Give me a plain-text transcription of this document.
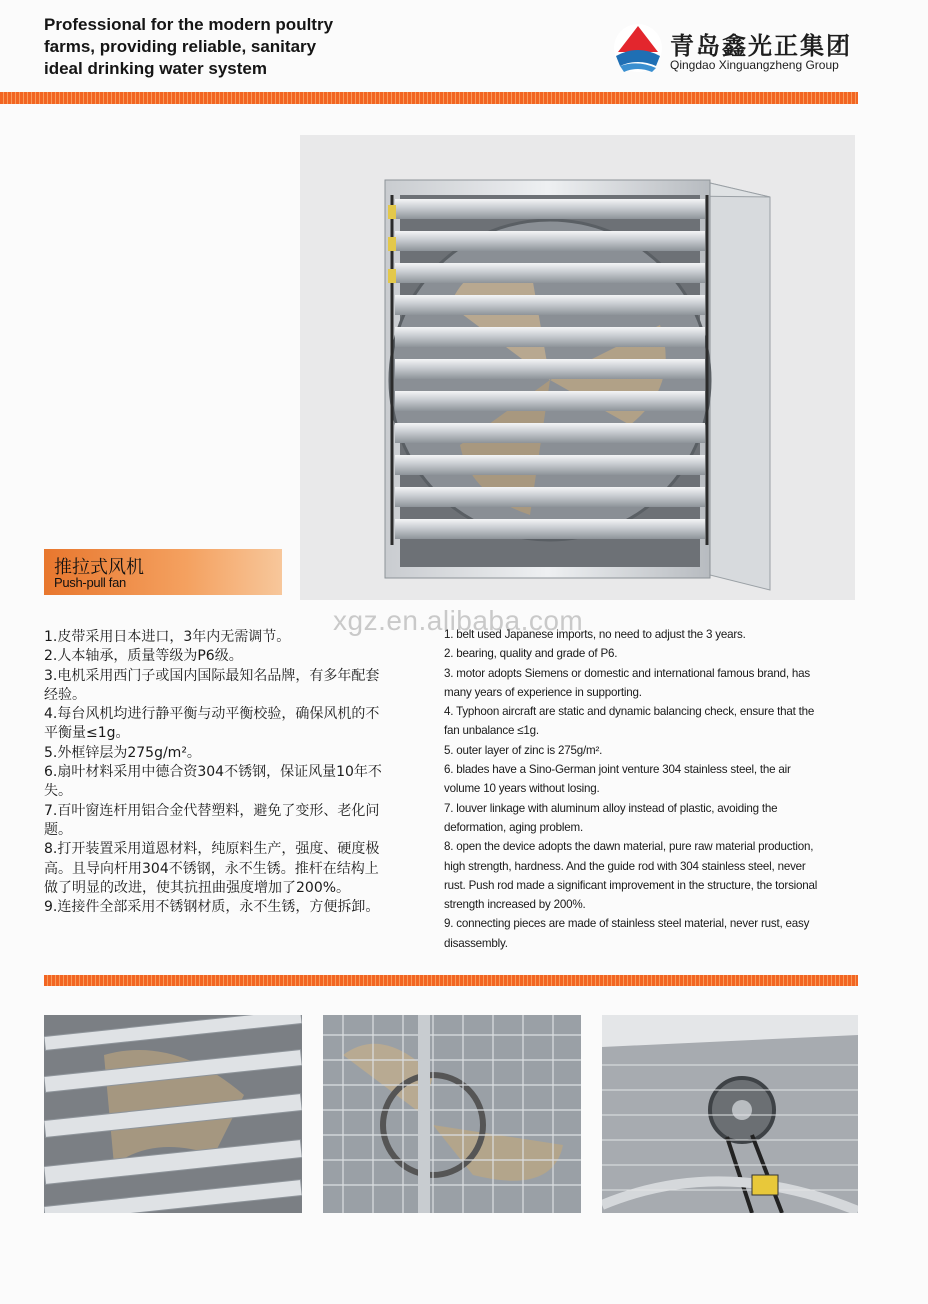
Professional for the modern poultry
farms, providing reliable, sanitary
ideal drinking water system
青岛鑫光正集团
Qingdao Xinguangzheng Group
推拉式风机
Push-pull fan
xgz.en.alibaba.com
1.皮带采用日本进口，3年内无需调节。
2.人本轴承，质量等级为P6级。
3.电机采用西门子或国内国际最知名品牌，有多年配套
经验。
4.每台风机均进行静平衡与动平衡校验，确保风机的不
平衡量≤1g。
5.外框锌层为275g/m²。
6.扇叶材料采用中德合资304不锈钢，保证风量10年不
失。
7.百叶窗连杆用铝合金代替塑料，避免了变形、老化问
题。
8.打开装置采用道恩材料，纯原料生产，强度、硬度极
高。且导向杆用304不锈钢，永不生锈。推杆在结构上
做了明显的改进，使其抗扭曲强度增加了200%。
9.连接件全部采用不锈钢材质，永不生锈，方便拆卸。
1. belt used Japanese imports, no need to adjust the 3 years.
2. bearing, quality and grade of P6.
3. motor adopts Siemens or domestic and international famous brand, has
many years of experience in supporting.
4. Typhoon aircraft are static and dynamic balancing check, ensure that the
fan unbalance ≤1g.
5. outer layer of zinc is 275g/m².
6. blades have a Sino-German joint venture 304 stainless steel, the air
volume 10 years without losing.
7. louver linkage with aluminum alloy instead of plastic, avoiding the
deformation, aging problem.
8. open the device adopts the dawn material, pure raw material production,
high strength, hardness. And the guide rod with 304 stainless steel, never
rust. Push rod made a significant improvement in the structure, the torsional
strength increased by 200%.
9. connecting pieces are made of stainless steel material, never rust, easy
disassembly.
